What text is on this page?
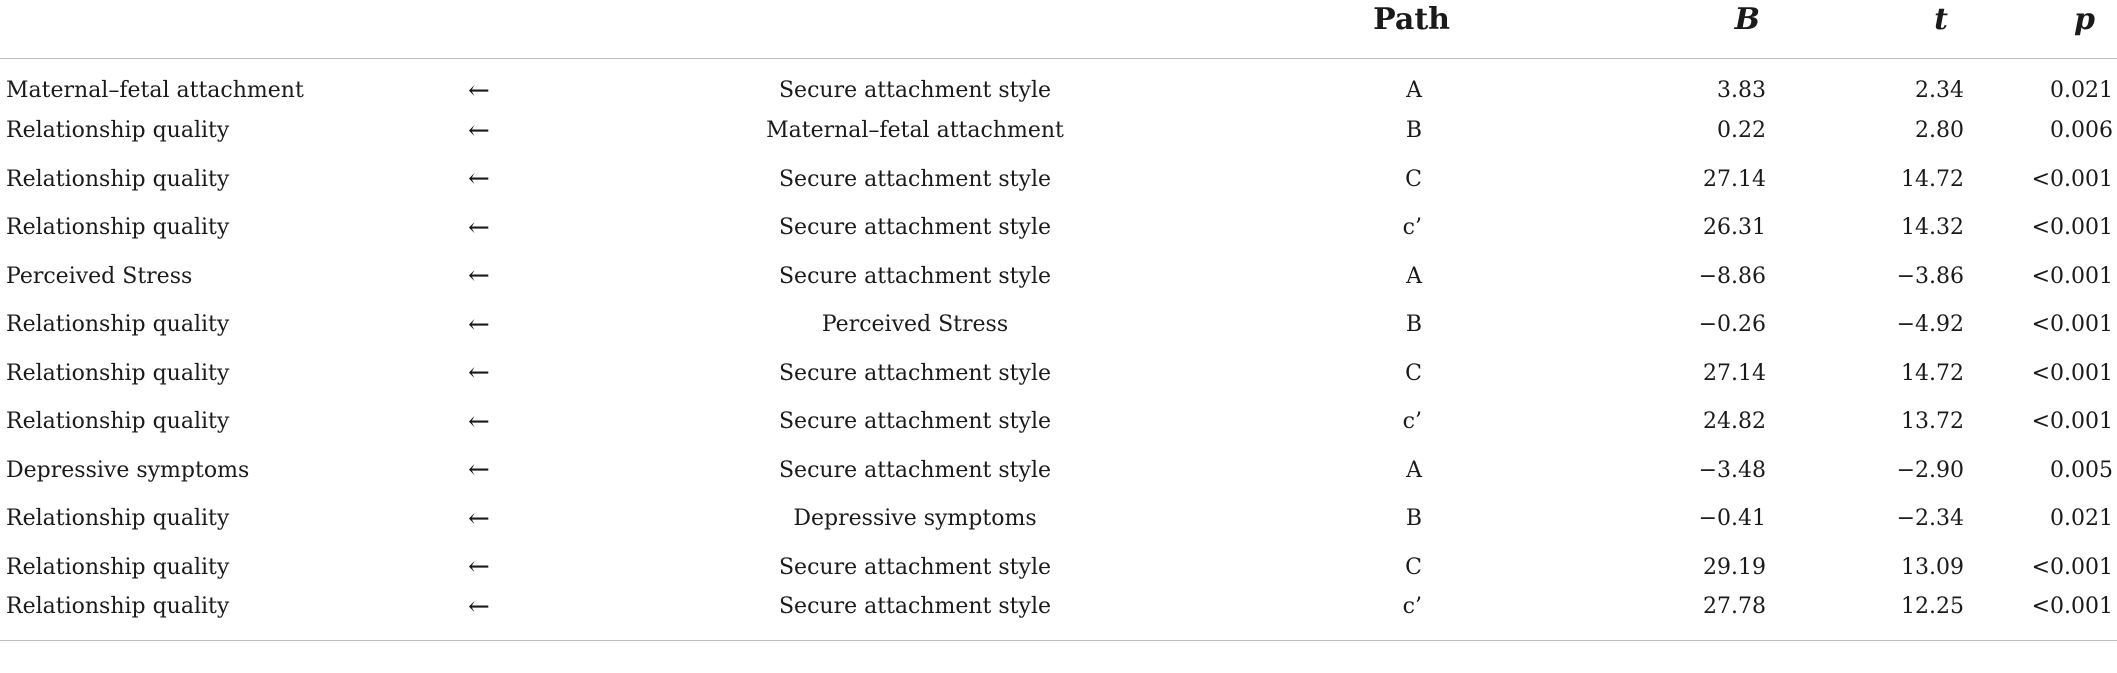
			Path	B	t	p
Maternal–fetal attachment	←	Secure attachment style	A	3.83	2.34	0.021
Relationship quality	←	Maternal–fetal attachment	B	0.22	2.80	0.006
Relationship quality	←	Secure attachment style	C	27.14	14.72	<0.001
Relationship quality	←	Secure attachment style	c’	26.31	14.32	<0.001
Perceived Stress	←	Secure attachment style	A	−8.86	−3.86	<0.001
Relationship quality	←	Perceived Stress	B	−0.26	−4.92	<0.001
Relationship quality	←	Secure attachment style	C	27.14	14.72	<0.001
Relationship quality	←	Secure attachment style	c’	24.82	13.72	<0.001
Depressive symptoms	←	Secure attachment style	A	−3.48	−2.90	0.005
Relationship quality	←	Depressive symptoms	B	−0.41	−2.34	0.021
Relationship quality	←	Secure attachment style	C	29.19	13.09	<0.001
Relationship quality	←	Secure attachment style	c’	27.78	12.25	<0.001
